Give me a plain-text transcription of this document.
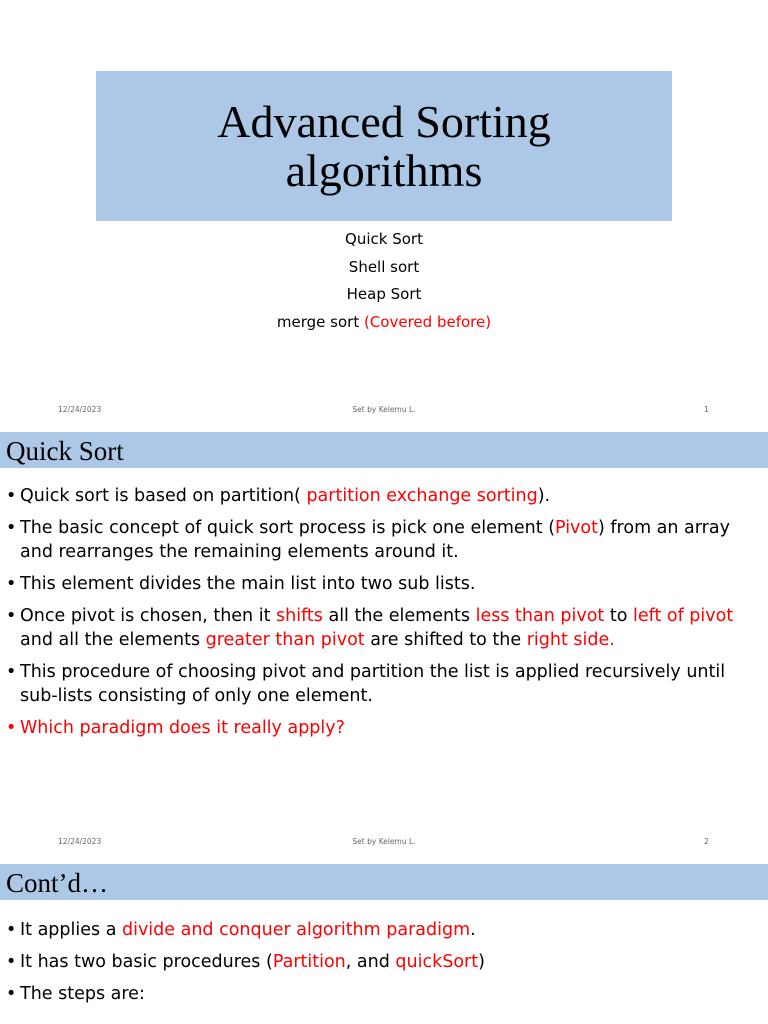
Advanced Sorting
algorithms
Quick Sort
Shell sort
Heap Sort
merge sort (Covered before)
12/24/2023	Set by Kelemu L.	1
Quick Sort
• Quick sort is based on partition( partition exchange sorting).
• The basic concept of quick sort process is pick one element (Pivot) from an array and rearranges the remaining elements around it.
• This element divides the main list into two sub lists.
• Once pivot is chosen, then it shifts all the elements less than pivot to left of pivot and all the elements greater than pivot are shifted to the right side.
• This procedure of choosing pivot and partition the list is applied recursively until sub-lists consisting of only one element.
• Which paradigm does it really apply?
12/24/2023	Set by Kelemu L.	2
Cont’d…
• It applies a divide and conquer algorithm paradigm.
• It has two basic procedures (Partition, and quickSort)
• The steps are:
